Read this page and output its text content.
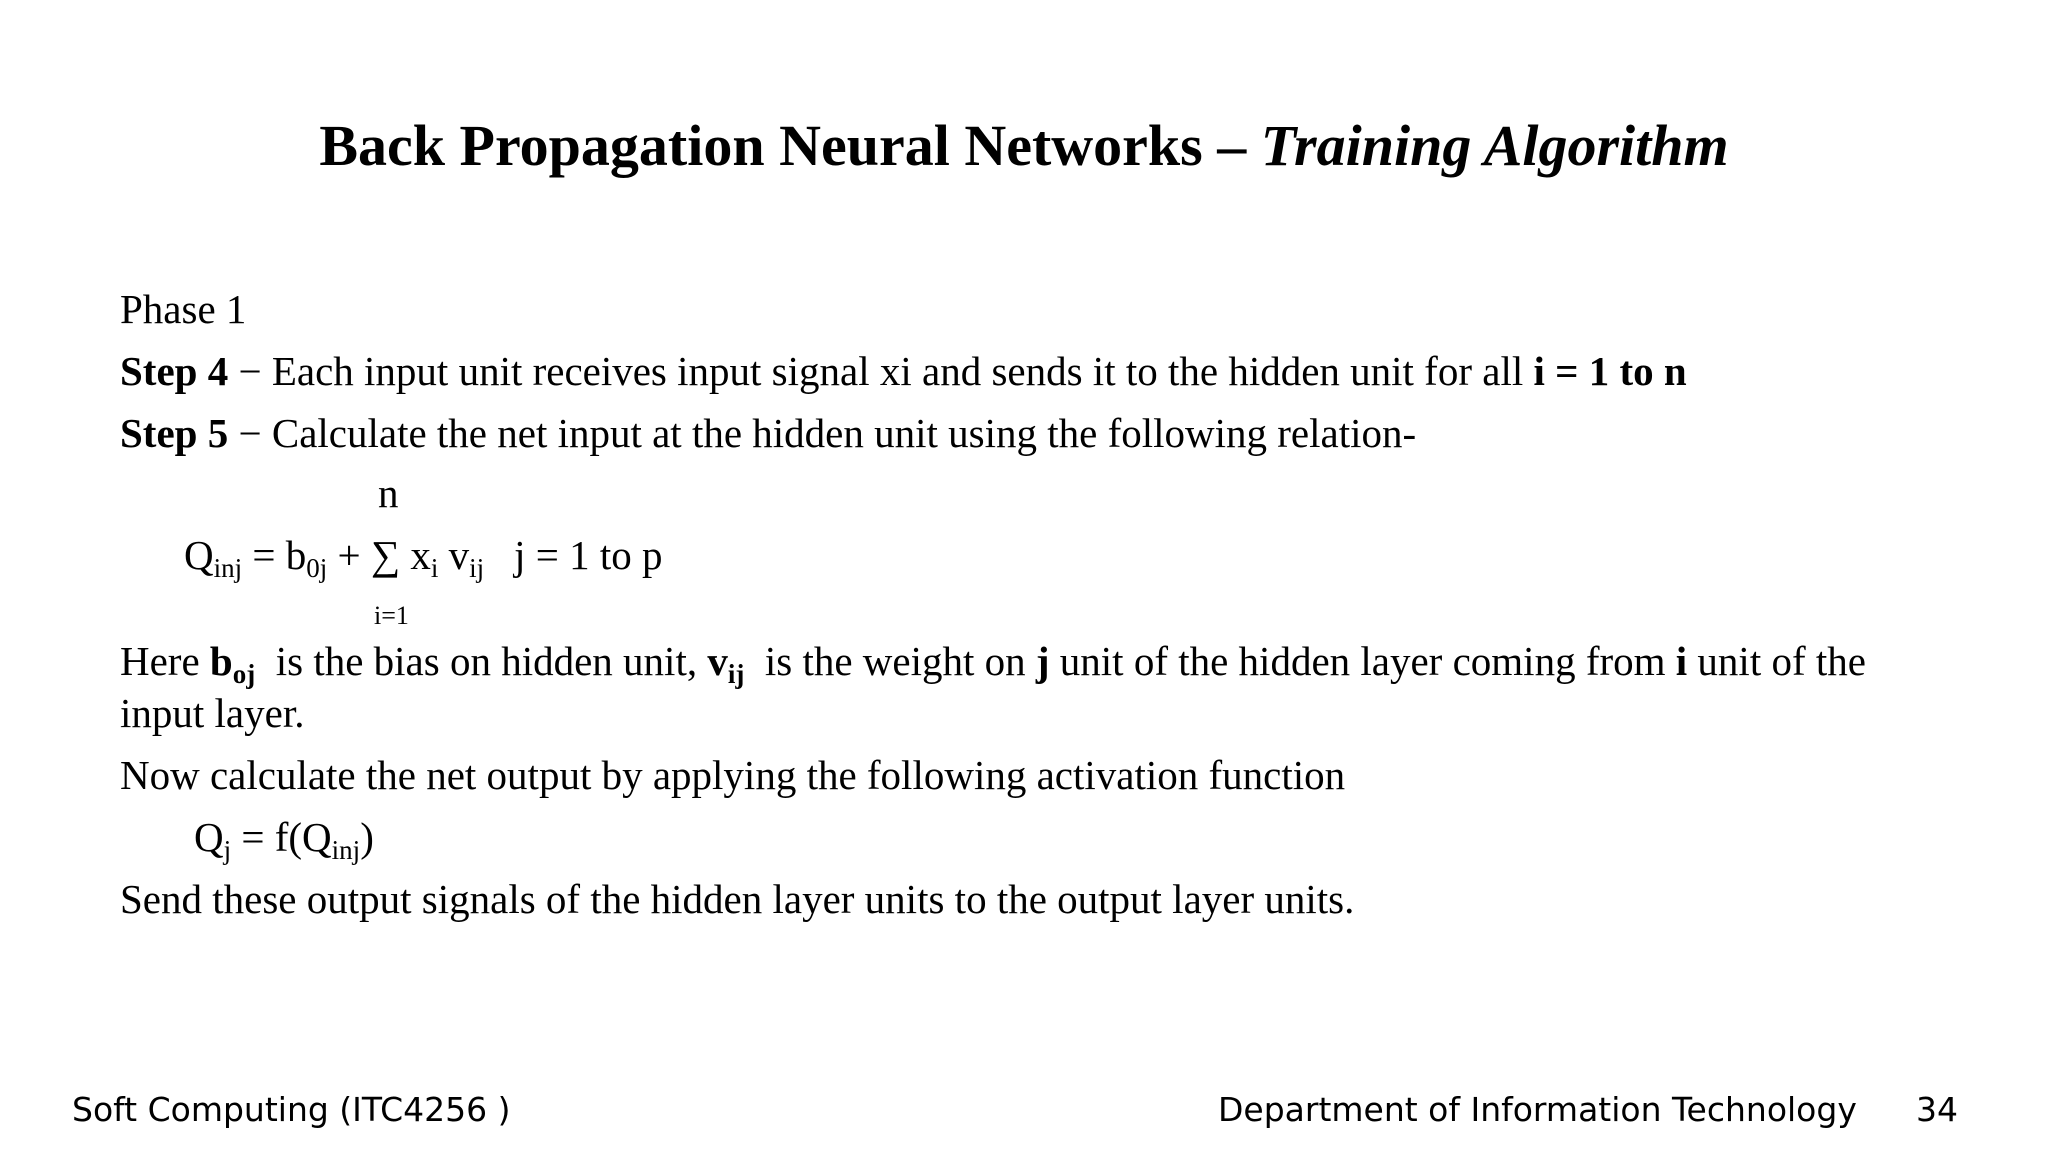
Back Propagation Neural Networks – Training Algorithm
Phase 1
Step 4 − Each input unit receives input signal xi and sends it to the hidden unit for all i = 1 to n
Step 5 − Calculate the net input at the hidden unit using the following relation-
n
$Q_{inj} = b_{0j}$ + ∑ $x_i$ $v_{ij}$ j = 1 to p
i=1
Here $b_{oj}$  is the bias on hidden unit, $v_{ij}$  is the weight on j unit of the hidden layer coming from i unit of the
input layer.
Now calculate the net output by applying the following activation function
$Q_j = f(Q_{inj})$
Send these output signals of the hidden layer units to the output layer units.
Soft Computing (ITC4256 )	Department of Information Technology 34
